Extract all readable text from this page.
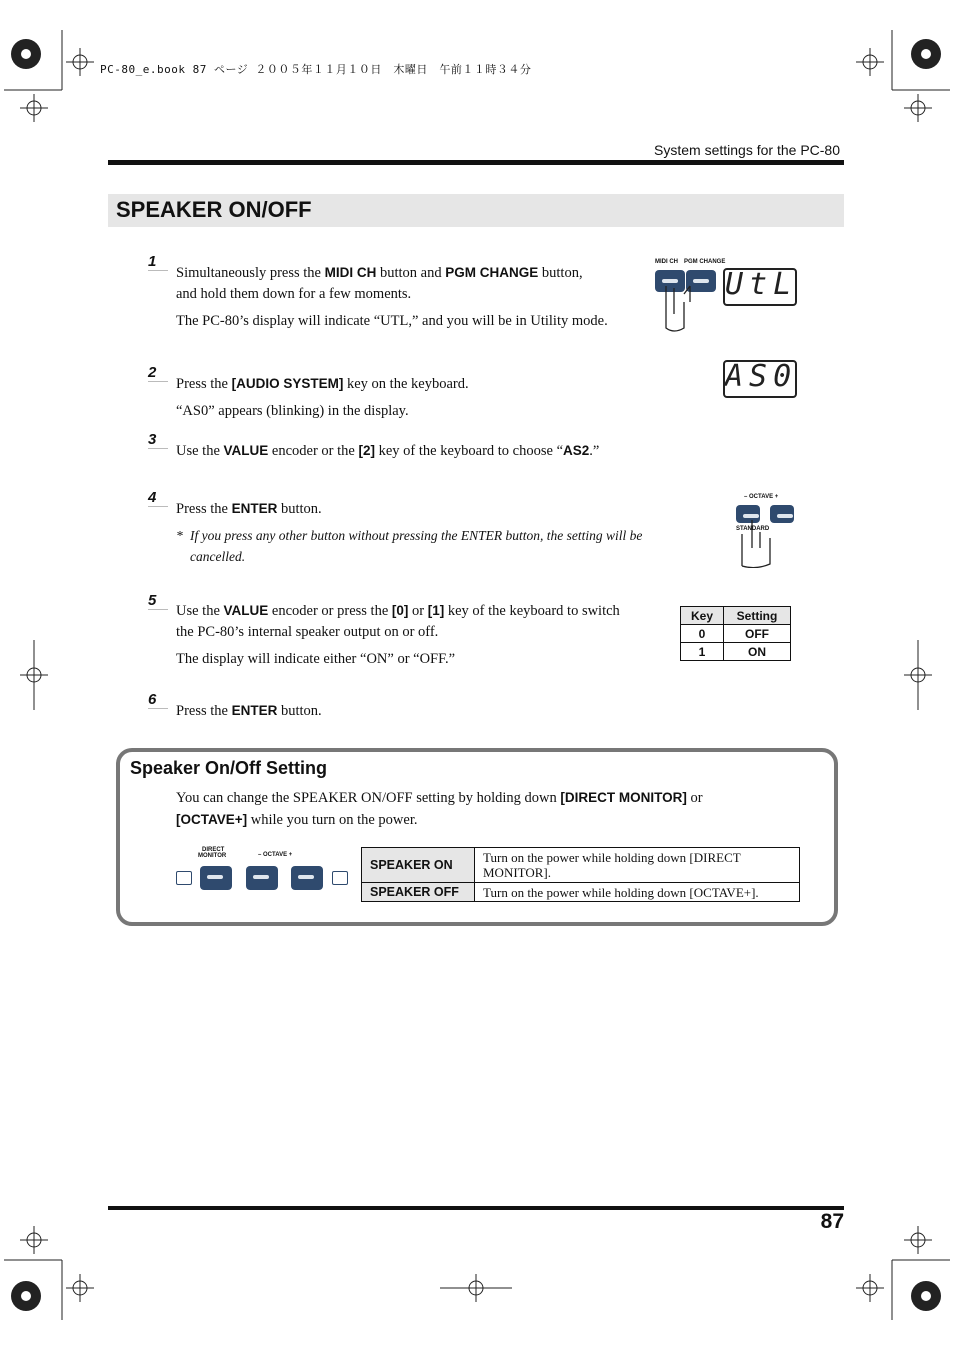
PC-80_e.book 87 ページ ２００５年１１月１０日　木曜日　午前１１時３４分
System settings for the PC-80
SPEAKER ON/OFF
1
Simultaneously press the MIDI CH button and PGM CHANGE button,
and hold them down for a few moments.
The PC-80’s display will indicate “UTL,” and you will be in Utility mode.
MIDI CH PGM CHANGE
UtL
2
Press the [AUDIO SYSTEM] key on the keyboard.
“AS0” appears (blinking) in the display.
AS0
3
Use the VALUE encoder or the [2] key of the keyboard to choose “AS2.”
4
Press the ENTER button.
* If you press any other button without pressing the ENTER button, the setting will be
cancelled.
– OCTAVE +
STANDARD
5
Use the VALUE encoder or press the [0] or [1] key of the keyboard to switch
the PC-80’s internal speaker output on or off.
The display will indicate either “ON” or “OFF.”
Key	Setting
0	OFF
1	ON
6
Press the ENTER button.
Speaker On/Off Setting
You can change the SPEAKER ON/OFF setting by holding down [DIRECT MONITOR] or
[OCTAVE+] while you turn on the power.
DIRECT
MONITOR	– OCTAVE +
SPEAKER ON	Turn on the power while holding down [DIRECT MONITOR].
SPEAKER OFF	Turn on the power while holding down [OCTAVE+].
87
